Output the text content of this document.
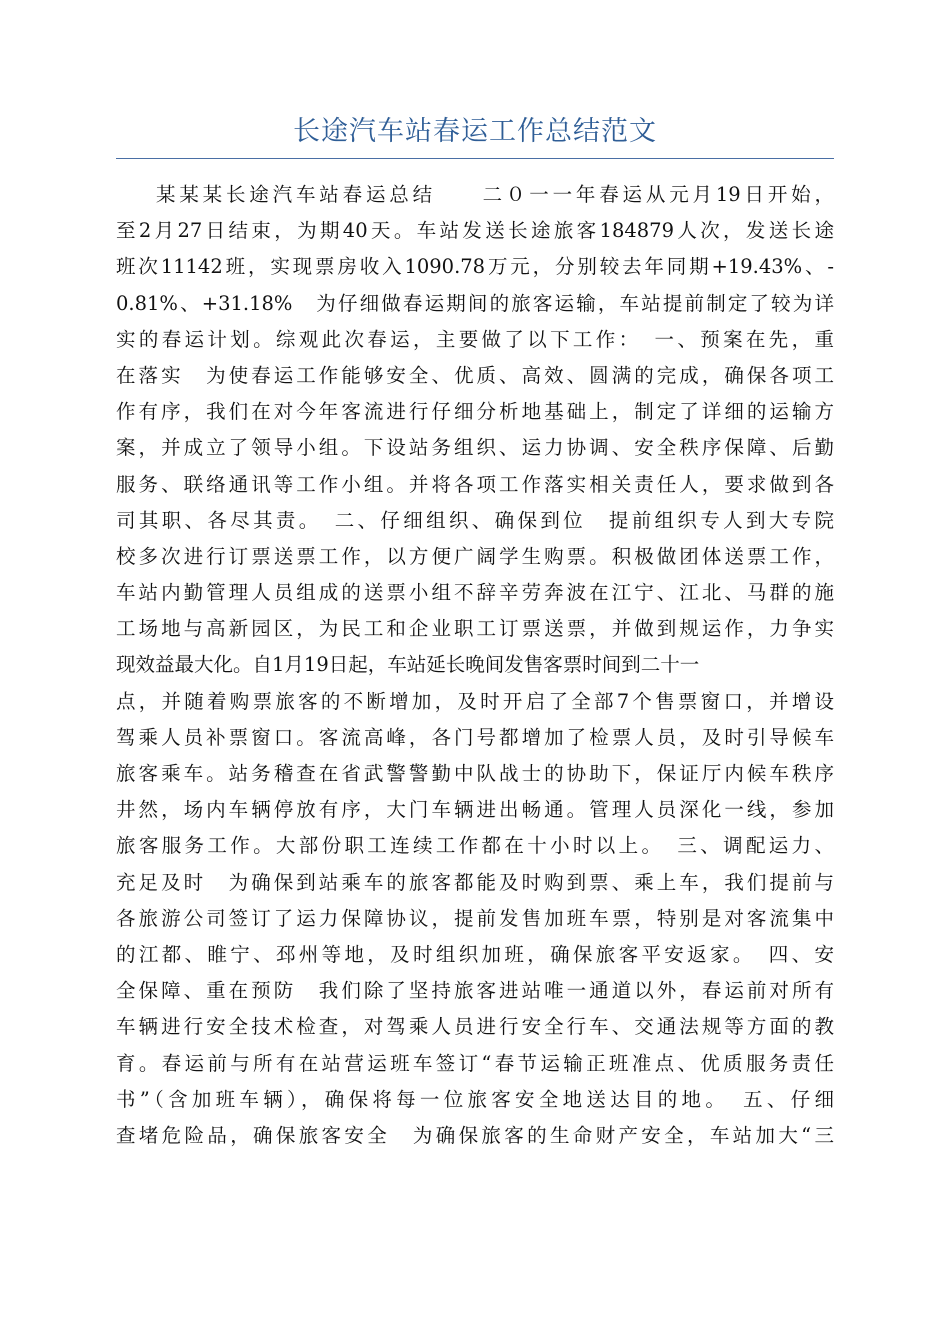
长途汽车站春运工作总结范文
某某某长途汽车站春运总结　　二０一一年春运从元月19日开始，
至2月27日结束，为期40天。车站发送长途旅客184879人次，发送长途
班次11142班，实现票房收入1090.78万元，分别较去年同期+19.43%、-
0.81%、+31.18%　为仔细做春运期间的旅客运输，车站提前制定了较为详
实的春运计划。综观此次春运，主要做了以下工作：　一、预案在先，重
在落实　为使春运工作能够安全、优质、高效、圆满的完成，确保各项工
作有序，我们在对今年客流进行仔细分析地基础上，制定了详细的运输方
案，并成立了领导小组。下设站务组织、运力协调、安全秩序保障、后勤
服务、联络通讯等工作小组。并将各项工作落实相关责任人，要求做到各
司其职、各尽其责。　二、仔细组织、确保到位　提前组织专人到大专院
校多次进行订票送票工作，以方便广阔学生购票。积极做团体送票工作，
车站内勤管理人员组成的送票小组不辞辛劳奔波在江宁、江北、马群的施
工场地与高新园区，为民工和企业职工订票送票，并做到规运作，力争实
现效益最大化。自1月19日起，车站延长晚间发售客票时间到二十一
点，并随着购票旅客的不断增加，及时开启了全部7个售票窗口，并增设
驾乘人员补票窗口。客流高峰，各门号都增加了检票人员，及时引导候车
旅客乘车。站务稽查在省武警警勤中队战士的协助下，保证厅内候车秩序
井然，场内车辆停放有序，大门车辆进出畅通。管理人员深化一线，参加
旅客服务工作。大部份职工连续工作都在十小时以上。　三、调配运力、
充足及时　为确保到站乘车的旅客都能及时购到票、乘上车，我们提前与
各旅游公司签订了运力保障协议，提前发售加班车票，特别是对客流集中
的江都、睢宁、邳州等地，及时组织加班，确保旅客平安返家。　四、安
全保障、重在预防　我们除了坚持旅客进站唯一通道以外，春运前对所有
车辆进行安全技术检查，对驾乘人员进行安全行车、交通法规等方面的教
育。春运前与所有在站营运班车签订“春节运输正班准点、优质服务责任
书”（含加班车辆），确保将每一位旅客安全地送达目的地。　五、仔细
查堵危险品，确保旅客安全　为确保旅客的生命财产安全，车站加大“三
